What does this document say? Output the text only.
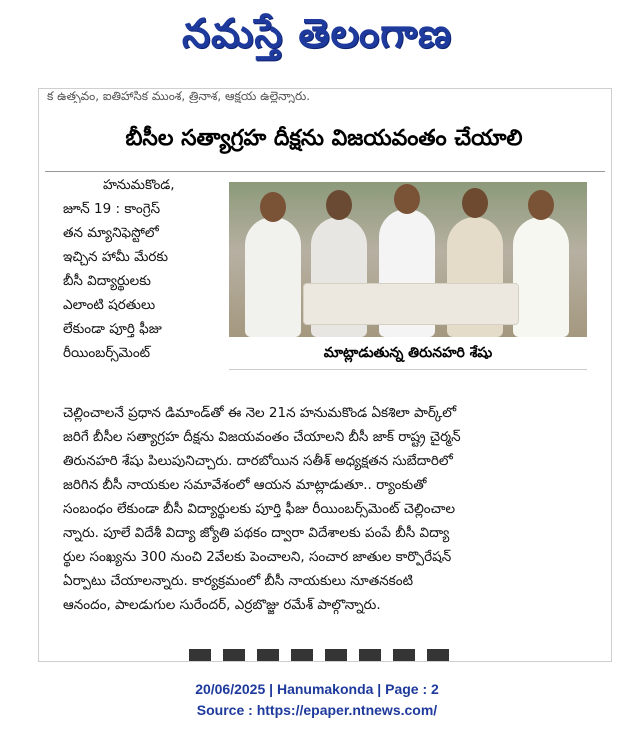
నమస్తే తెలంగాణ
క ఉత్సవం, ఐతిహాసిక ముంశ, త్రినాశ, ఆక్షయ ఉల్లెన్నారు.
బీసీల సత్యాగ్రహ దీక్షను విజయవంతం చేయాలి

హనుమకొండ,

జూన్ 19 : కాంగ్రెస్

తన మ్యానిఫెస్టోలో

ఇచ్చిన హామీ మేరకు

బీసీ విద్యార్థులకు

ఎలాంటి షరతులు

లేకుండా పూర్తి ఫీజు

రీయింబర్స్‌మెంట్	మాట్లాడుతున్న తిరునహరి శేషు

చెల్లించాలనే ప్రధాన డిమాండ్‌తో ఈ నెల 21న హనుమకొండ ఏకశిలా పార్క్‌లో

జరిగే బీసీల సత్యాగ్రహ దీక్షను విజయవంతం చేయాలని బీసీ జాక్ రాష్ట్ర చైర్మన్

తిరునహరి శేషు పిలుపునిచ్చారు. దారబోయిన సతీశ్ అధ్యక్షతన సుబేదారిలో

జరిగిన బీసీ నాయకుల సమావేశంలో ఆయన మాట్లాడుతూ.. ర్యాంకుతో

సంబంధం లేకుండా బీసీ విద్యార్థులకు పూర్తి ఫీజు రీయింబర్స్‌మెంట్ చెల్లించాల

న్నారు. పూలే విదేశీ విద్యా జ్యోతి పథకం ద్వారా విదేశాలకు పంపే బీసీ విద్యా

ర్థుల సంఖ్యను 300 నుంచి 2వేలకు పెంచాలని, సంచార జాతుల కార్పొరేషన్

ఏర్పాటు చేయాలన్నారు. కార్యక్రమంలో బీసీ నాయకులు నూతనకంటి

ఆనందం, పాలడుగుల సురేందర్, ఎర్రబొజ్జు రమేశ్ పాల్గొన్నారు.

20/06/2025 | Hanumakonda | Page : 2
Source : https://epaper.ntnews.com/
